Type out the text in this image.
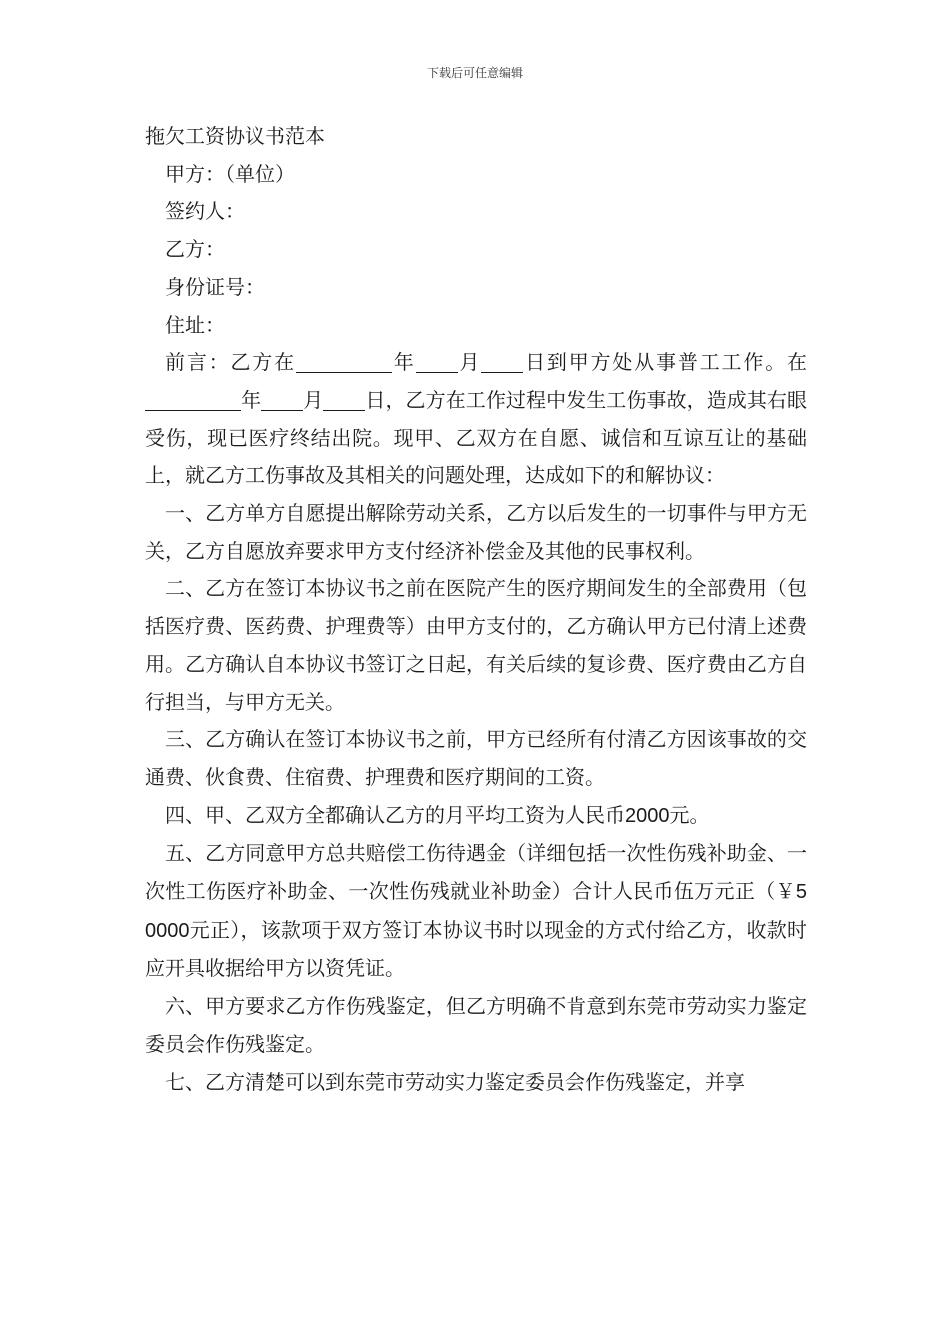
下载后可任意编辑

拖欠工资协议书范本

甲方：（单位）

签约人：

乙方：

身份证号：

住址：

前言：乙方在	年 月 日到甲方处从事普工工作。在年 月 日，乙方在工作过程中发生工伤事故，造成其右眼受伤，现已医疗终结出院。现甲、乙双方在自愿、诚信和互谅互让的基础上，就乙方工伤事故及其相关的问题处理，达成如下的和解协议：

一、乙方单方自愿提出解除劳动关系，乙方以后发生的一切事件与甲方无关，乙方自愿放弃要求甲方支付经济补偿金及其他的民事权利。

二、乙方在签订本协议书之前在医院产生的医疗期间发生的全部费用（包括医疗费、医药费、护理费等）由甲方支付的，乙方确认甲方已付清上述费用。乙方确认自本协议书签订之日起，有关后续的复诊费、医疗费由乙方自行担当，与甲方无关。

三、乙方确认在签订本协议书之前，甲方已经所有付清乙方因该事故的交通费、伙食费、住宿费、护理费和医疗期间的工资。

四、甲、乙双方全都确认乙方的月平均工资为人民币2000元。

五、乙方同意甲方总共赔偿工伤待遇金（详细包括一次性伤残补助金、一次性工伤医疗补助金、一次性伤残就业补助金）合计人民币伍万元正（￥50000元正），该款项于双方签订本协议书时以现金的方式付给乙方，收款时应开具收据给甲方以资凭证。

六、甲方要求乙方作伤残鉴定，但乙方明确不肯意到东莞市劳动实力鉴定委员会作伤残鉴定。

七、乙方清楚可以到东莞市劳动实力鉴定委员会作伤残鉴定，并享
